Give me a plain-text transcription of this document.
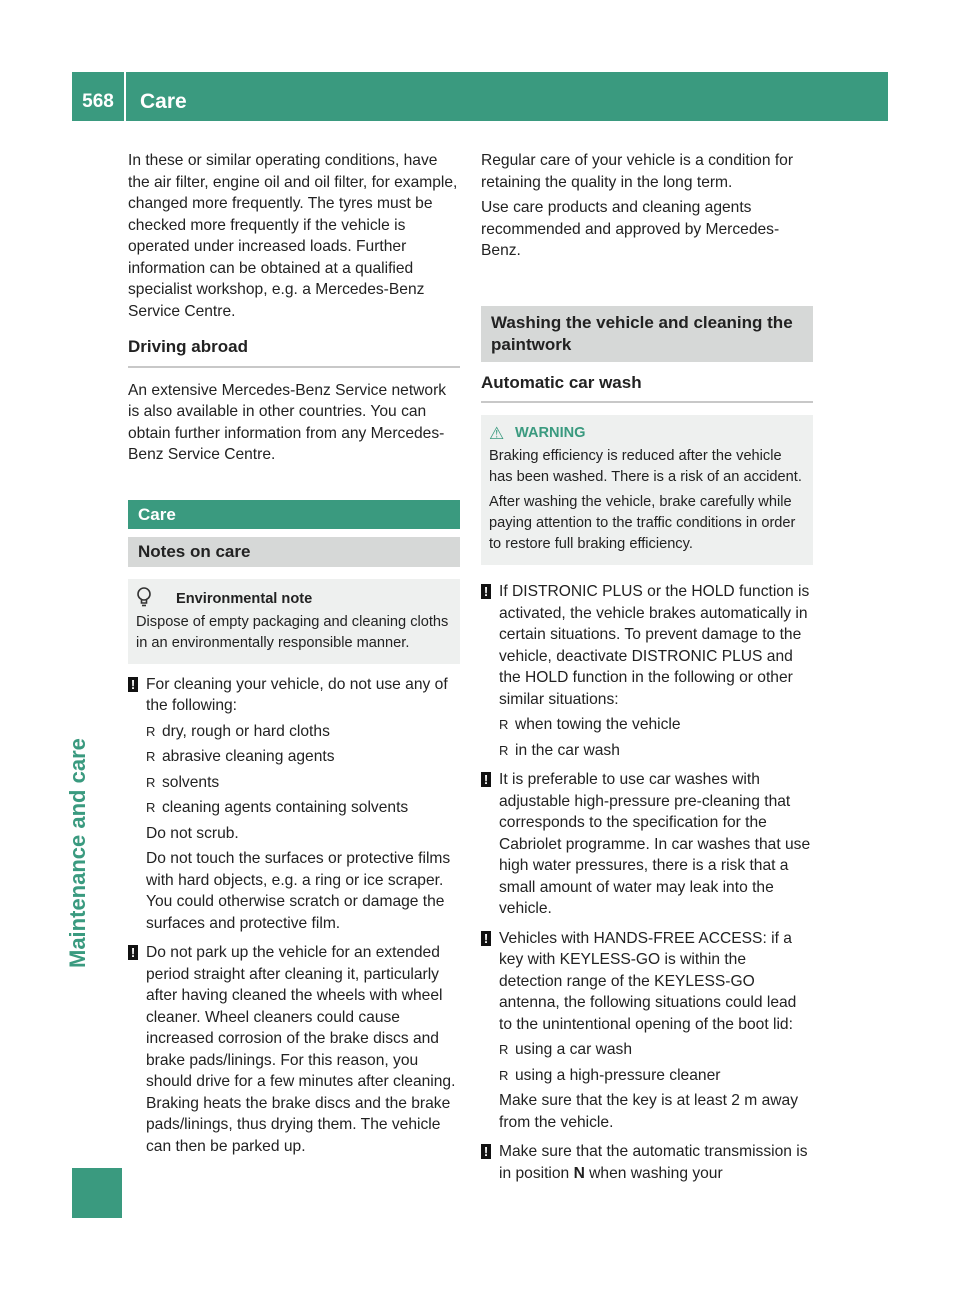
568	Care
Maintenance and care

In these or similar operating conditions, have the air filter, engine oil and oil filter, for example, changed more frequently. The tyres must be checked more frequently if the vehicle is operated under increased loads. Further information can be obtained at a qualified specialist workshop, e.g. a Mercedes-Benz Service Centre.

Driving abroad

An extensive Mercedes-Benz Service network is also available in other countries. You can obtain further information from any Mercedes-Benz Service Centre.

Care
Notes on care
Environmental note
Dispose of empty packaging and cleaning cloths in an environmentally responsible manner.
! For cleaning your vehicle, do not use any of the following:

R dry, rough or hard cloths
R abrasive cleaning agents
R solvents
R cleaning agents containing solvents

Do not scrub.

Do not touch the surfaces or protective films with hard objects, e.g. a ring or ice scraper. You could otherwise scratch or damage the surfaces and protective film.

! Do not park up the vehicle for an extended period straight after cleaning it, particularly after having cleaned the wheels with wheel cleaner. Wheel cleaners could cause increased corrosion of the brake discs and brake pads/linings. For this reason, you should drive for a few minutes after cleaning. Braking heats the brake discs and the brake pads/linings, thus drying them. The vehicle can then be parked up.

Regular care of your vehicle is a condition for retaining the quality in the long term.

Use care products and cleaning agents recommended and approved by Mercedes-Benz.

Washing the vehicle and cleaning the paintwork
Automatic car wash
⚠ WARNING
Braking efficiency is reduced after the vehicle has been washed. There is a risk of an accident.
After washing the vehicle, brake carefully while paying attention to the traffic conditions in order to restore full braking efficiency.
! If DISTRONIC PLUS or the HOLD function is activated, the vehicle brakes automatically in certain situations. To prevent damage to the vehicle, deactivate DISTRONIC PLUS and the HOLD function in the following or other similar situations:

R when towing the vehicle
R in the car wash
! It is preferable to use car washes with adjustable high-pressure pre-cleaning that corresponds to the specification for the Cabriolet programme. In car washes that use high water pressures, there is a risk that a small amount of water may leak into the vehicle.

! Vehicles with HANDS-FREE ACCESS: if a key with KEYLESS-GO is within the detection range of the KEYLESS-GO antenna, the following situations could lead to the unintentional opening of the boot lid:

R using a car wash
R using a high-pressure cleaner

Make sure that the key is at least 2 m away from the vehicle.

! Make sure that the automatic transmission is in position N when washing your
